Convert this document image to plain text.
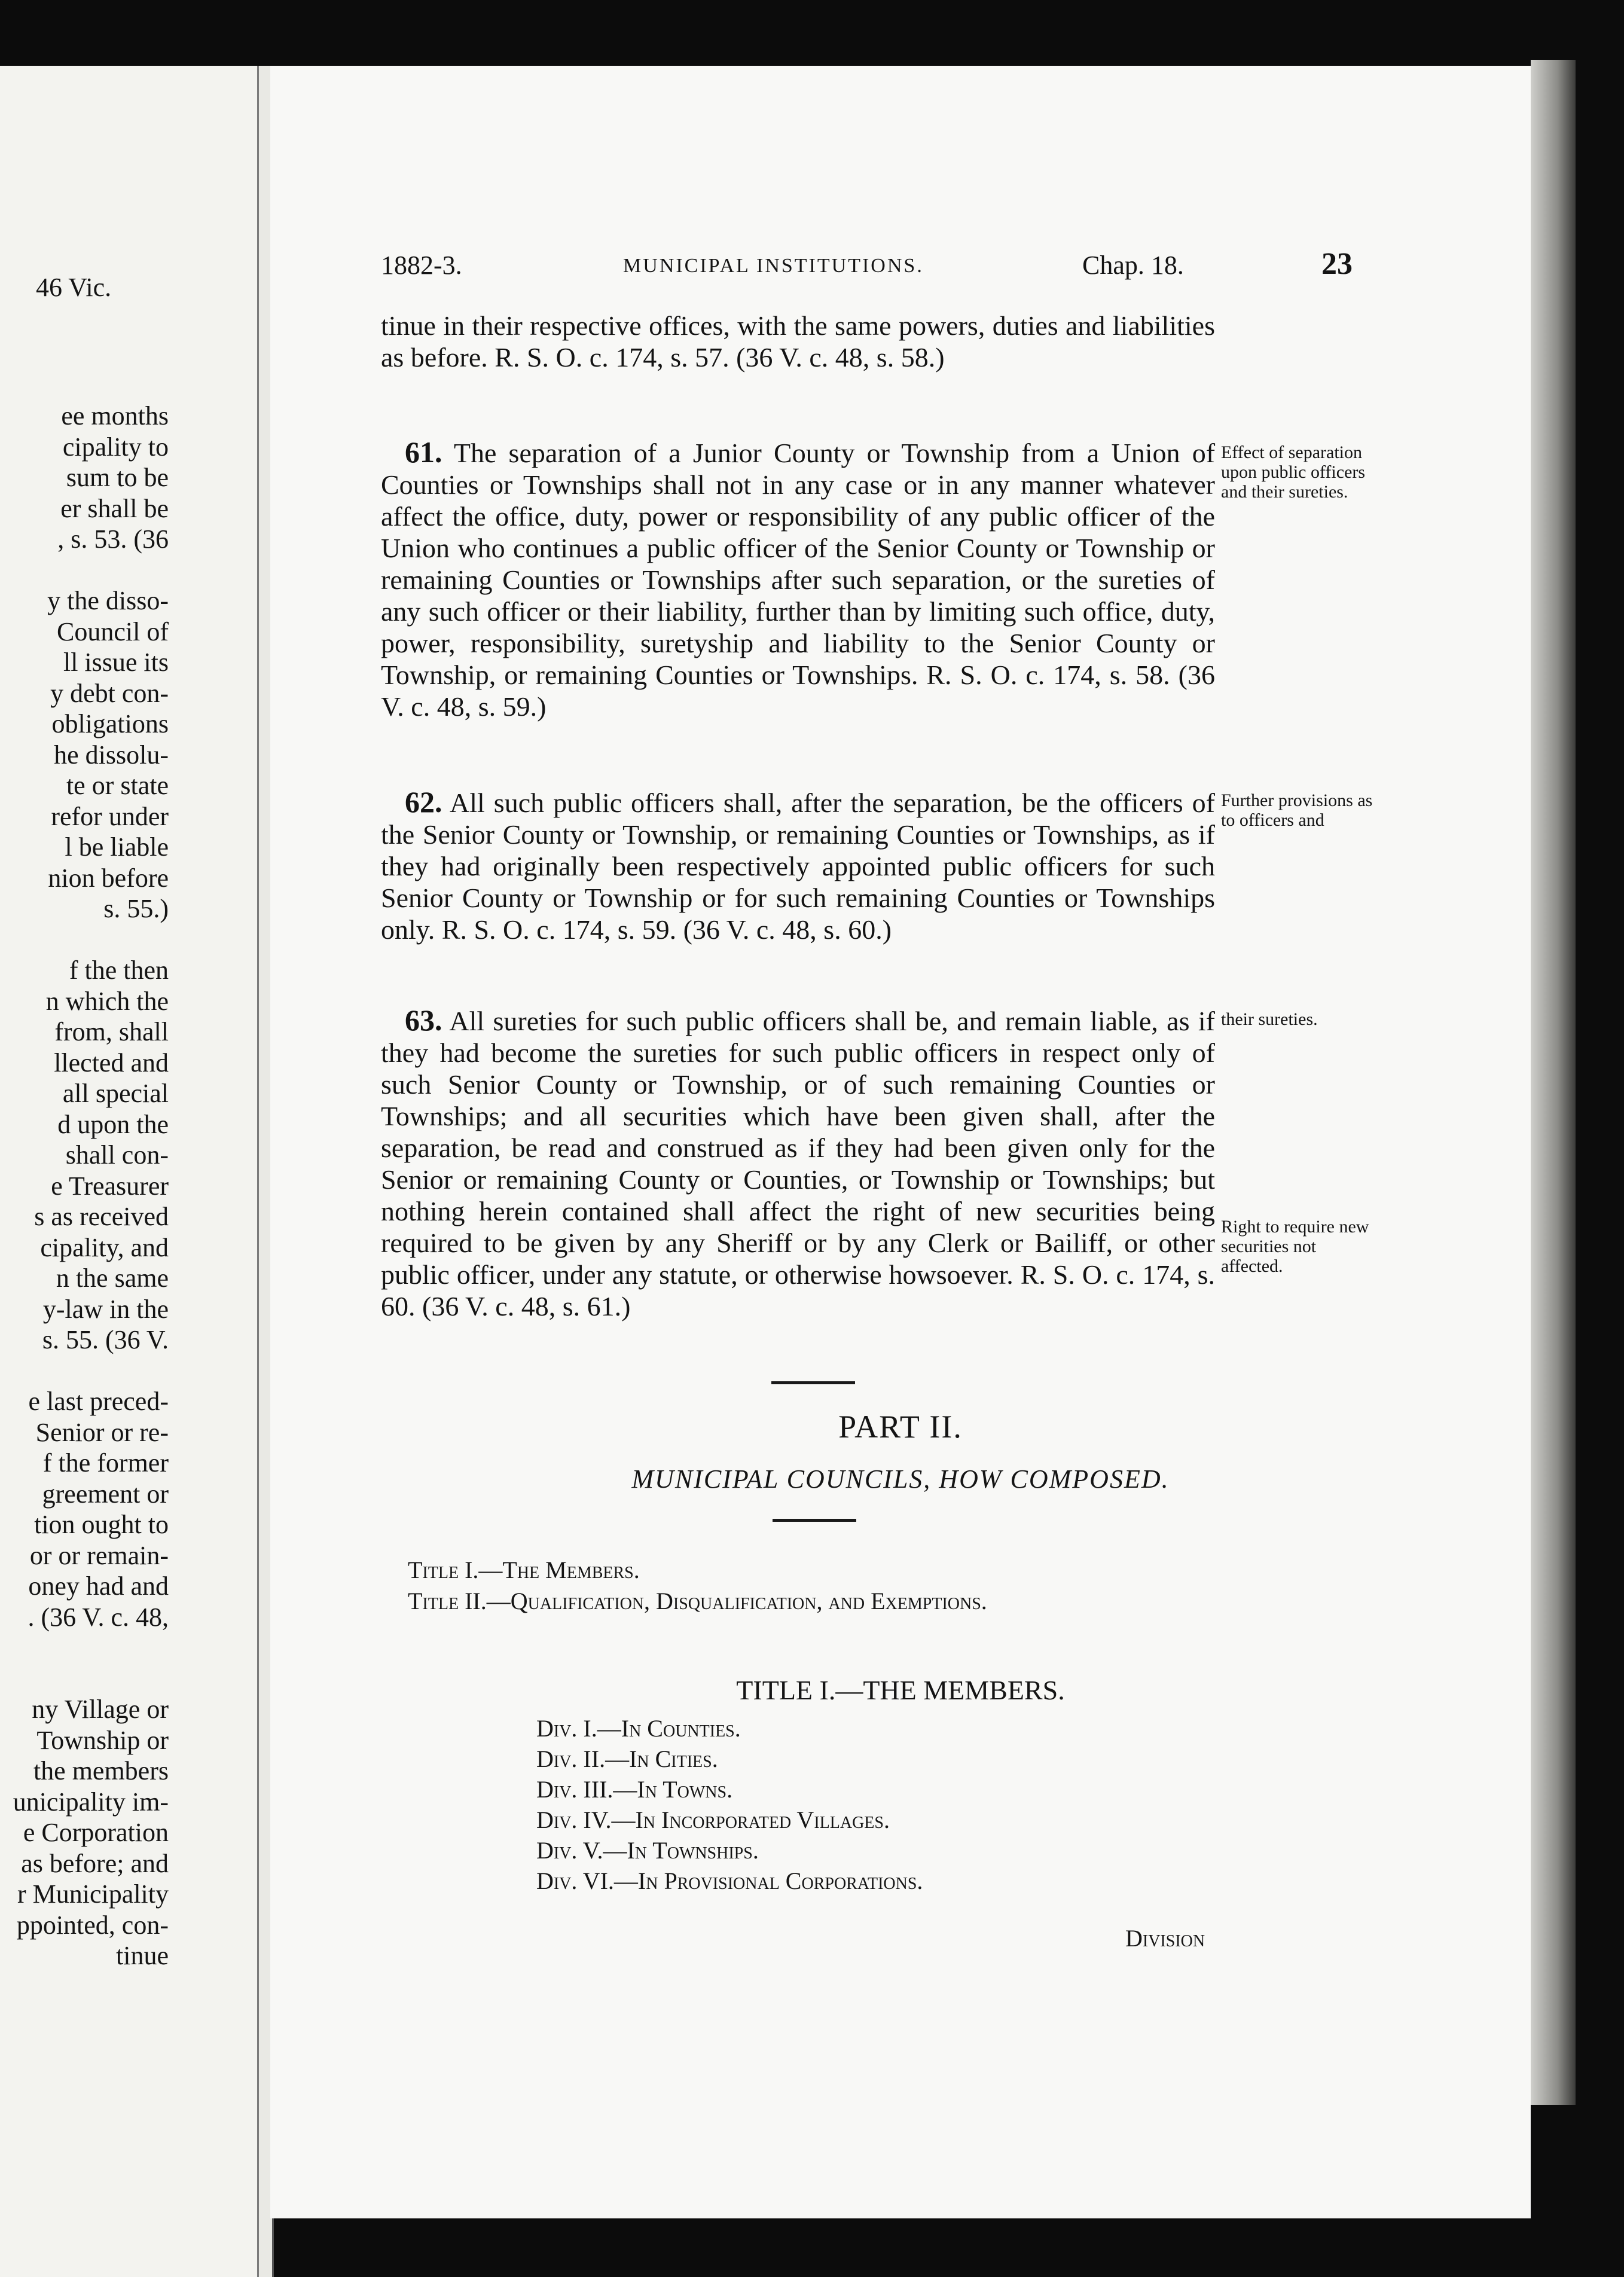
46 Vic.
ee months
cipality to
sum to be
er shall be
, s. 53. (36

y the disso-
Council of
ll issue its
y debt con-
obligations
he dissolu-
te or state
refor under
l be liable
nion before
s. 55.)

f the then
n which the
from, shall
llected and
all special
d upon the
shall con-
e Treasurer
s as received
cipality, and
n the same
y-law in the
s. 55. (36 V.

e last preced-
Senior or re-
f the former
greement or
tion ought to
or or remain-
oney had and
. (36 V. c. 48,

ny Village or
Township or
the members
unicipality im-
e Corporation
as before; and
r Municipality
ppointed, con-
tinue
1882-3.	MUNICIPAL INSTITUTIONS.	Chap. 18.	23
tinue in their respective offices, with the same powers, duties and liabilities as before. R. S. O. c. 174, s. 57. (36 V. c. 48, s. 58.)
61. The separation of a Junior County or Township from a Union of Counties or Townships shall not in any case or in any manner whatever affect the office, duty, power or responsibility of any public officer of the Union who continues a public officer of the Senior County or Township or remaining Counties or Townships after such separation, or the sureties of any such officer or their liability, further than by limiting such office, duty, power, responsibility, suretyship and liability to the Senior County or Township, or remaining Counties or Townships. R. S. O. c. 174, s. 58. (36 V. c. 48, s. 59.)
Effect of separation upon public officers and their sureties.
62. All such public officers shall, after the separation, be the officers of the Senior County or Township, or remaining Counties or Townships, as if they had originally been respectively appointed public officers for such Senior County or Township or for such remaining Counties or Townships only. R. S. O. c. 174, s. 59. (36 V. c. 48, s. 60.)
Further provisions as to officers and
63. All sureties for such public officers shall be, and remain liable, as if they had become the sureties for such public officers in respect only of such Senior County or Township, or of such remaining Counties or Townships; and all securities which have been given shall, after the separation, be read and construed as if they had been given only for the Senior or remaining County or Counties, or Township or Townships; but nothing herein contained shall affect the right of new securities being required to be given by any Sheriff or by any Clerk or Bailiff, or other public officer, under any statute, or otherwise howsoever. R. S. O. c. 174, s. 60. (36 V. c. 48, s. 61.)
their sureties.
Right to require new securities not affected.
PART II.
MUNICIPAL COUNCILS, HOW COMPOSED.
Title I.—The Members.
Title II.—Qualification, Disqualification, and Exemptions.
TITLE I.—THE MEMBERS.
Div. I.—In Counties.
Div. II.—In Cities.
Div. III.—In Towns.
Div. IV.—In Incorporated Villages.
Div. V.—In Townships.
Div. VI.—In Provisional Corporations.
Division
